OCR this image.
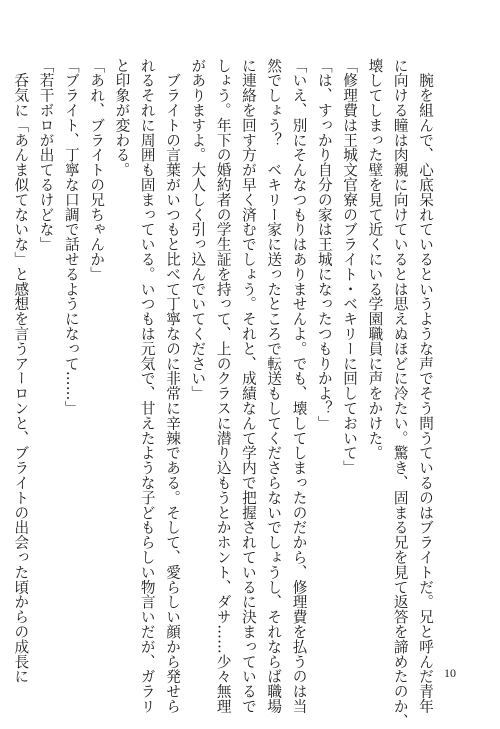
　腕を組んで、心底呆れているというような声でそう問うているのはブライトだ。兄と呼んだ青年
に向ける瞳は肉親に向けているとは思えぬほどに冷たい。驚き、固まる兄を見て返答を諦めたのか、
壊してしまった壁を見て近くにいる学園職員に声をかけた。
「修理費は王城文官寮のブライト・ベキリーに回しておいて」
「は、すっかり自分の家は王城になったつもりかよ？」
「いえ、別にそんなつもりはありませんよ。でも、壊してしまったのだから、修理費を払うのは当
然でしょう？　ベキリー家に送ったところで転送もしてくださらないでしょうし、それならば職場
に連絡を回す方が早く済むでしょう。それと、成績なんて学内で把握されているに決まっているで
しょう。年下の婚約者の学生証を持って、上のクラスに潜り込もうとかホント、ダサ……少々無理
がありますよ。大人しく引っ込んでいてください」
　ブライトの言葉がいつもと比べて丁寧なのに非常に辛辣である。そして、愛らしい顔から発せら
れるそれに周囲も固まっている。いつもは元気で、甘えたような子どもらしい物言いだが、ガラリ
と印象が変わる。
「あれ、ブライトの兄ちゃんか」
「ブライト、丁寧な口調で話せるようになって……」
「若干ボロが出てるけどな」
　呑気に「あんま似てないな」と感想を言うアーロンと、ブライトの出会った頃からの成長に	10
